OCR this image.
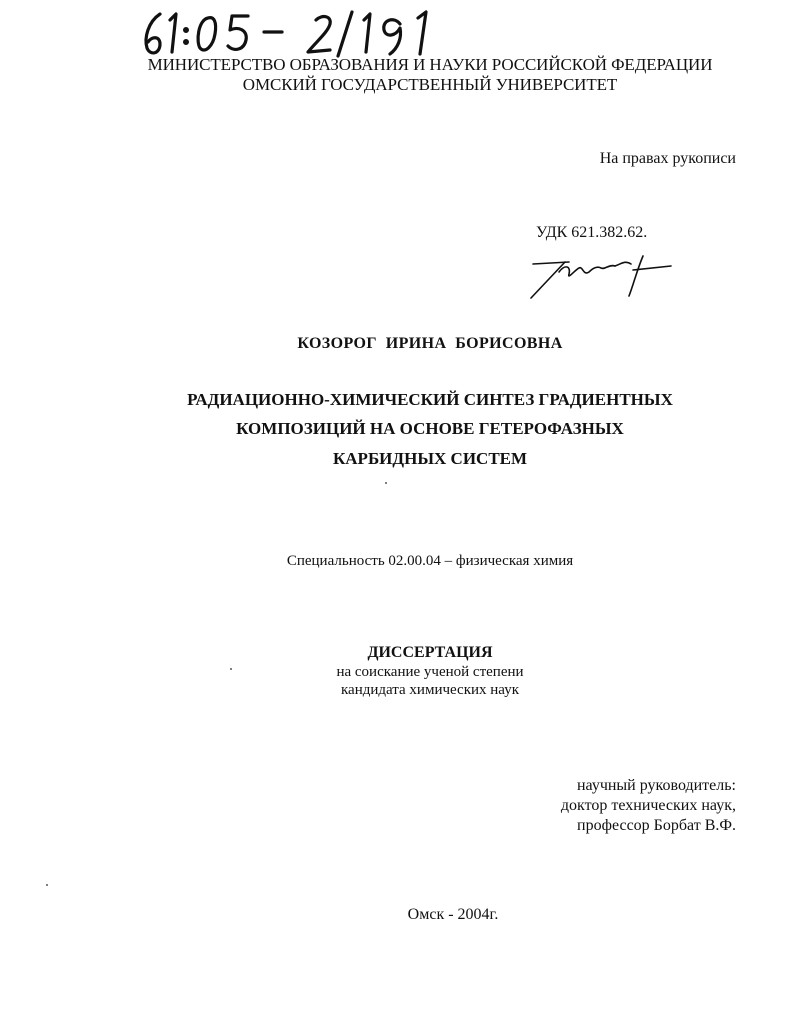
МИНИСТЕРСТВО ОБРАЗОВАНИЯ И НАУКИ РОССИЙСКОЙ ФЕДЕРАЦИИ
ОМСКИЙ ГОСУДАРСТВЕННЫЙ УНИВЕРСИТЕТ
На правах рукописи
УДК 621.382.62.
КОЗОРОГ  ИРИНА  БОРИСОВНА
РАДИАЦИОННО-ХИМИЧЕСКИЙ СИНТЕЗ ГРАДИЕНТНЫХ
КОМПОЗИЦИЙ НА ОСНОВЕ ГЕТЕРОФАЗНЫХ
КАРБИДНЫХ СИСТЕМ
Специальность 02.00.04 – физическая химия
ДИССЕРТАЦИЯ
на соискание ученой степени
кандидата химических наук
научный руководитель:
доктор технических наук,
профессор Борбат В.Ф.
Омск - 2004г.
